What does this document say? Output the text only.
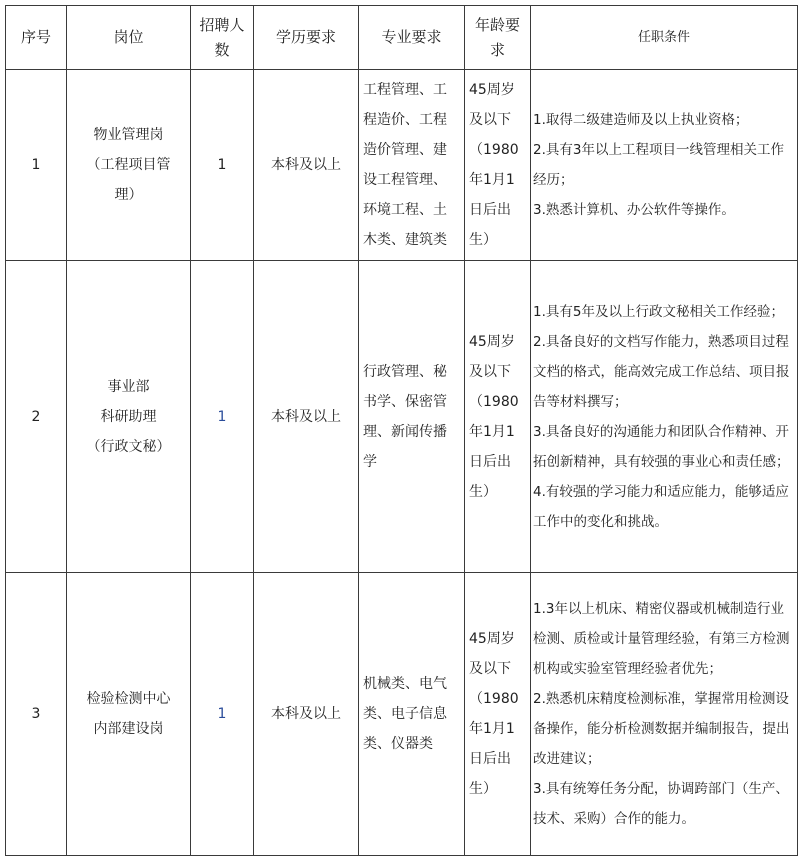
序号	岗位	招聘人数	学历要求	专业要求	年龄要求	任职条件
1	物业管理岗
（工程项目管
理）	1	本科及以上	工程管理、工程造价、工程造价管理、建设工程管理、环境工程、土木类、建筑类	45周岁及以下（1980年1月1日后出生）	1.取得二级建造师及以上执业资格；
2.具有3年以上工程项目一线管理相关工作经历；
3.熟悉计算机、办公软件等操作。

2	事业部
科研助理
（行政文秘）	1	本科及以上	行政管理、秘书学、保密管理、新闻传播学	45周岁及以下（1980年1月1日后出生）	1.具有5年及以上行政文秘相关工作经验；
2.具备良好的文档写作能力，熟悉项目过程文档的格式，能高效完成工作总结、项目报告等材料撰写；
3.具备良好的沟通能力和团队合作精神、开拓创新精神，具有较强的事业心和责任感；
4.有较强的学习能力和适应能力，能够适应工作中的变化和挑战。

3	检验检测中心
内部建设岗	1	本科及以上	机械类、电气类、电子信息类、仪器类	45周岁及以下（1980年1月1日后出生）	1.3年以上机床、精密仪器或机械制造行业检测、质检或计量管理经验，有第三方检测机构或实验室管理经验者优先；
2.熟悉机床精度检测标准，掌握常用检测设备操作，能分析检测数据并编制报告，提出改进建议；
3.具有统筹任务分配，协调跨部门（生产、技术、采购）合作的能力。
